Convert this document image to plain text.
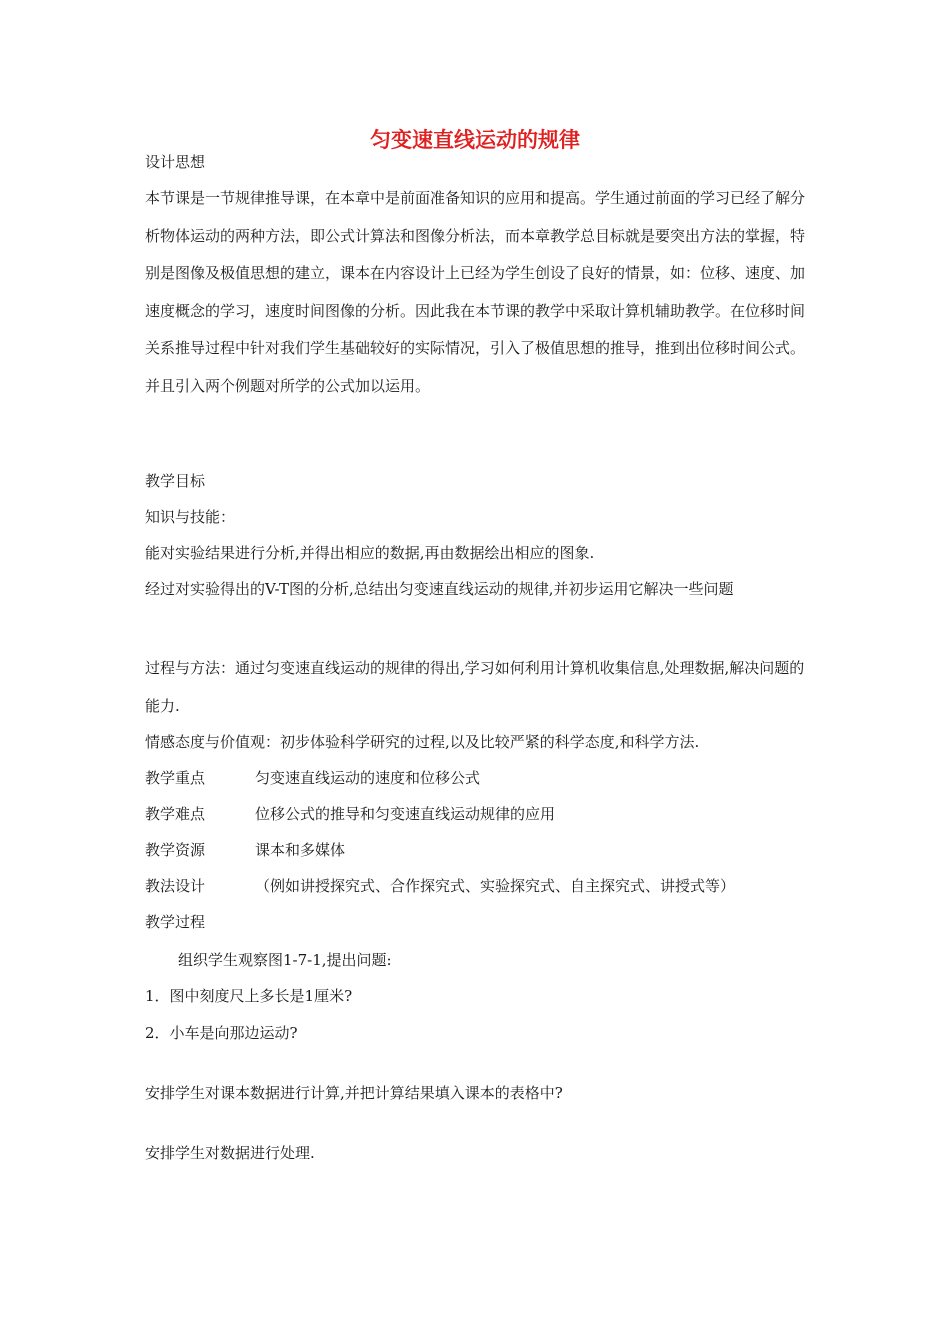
匀变速直线运动的规律
设计思想
本节课是一节规律推导课，在本章中是前面准备知识的应用和提高。学生通过前面的学习已经了解分析物体运动的两种方法，即公式计算法和图像分析法，而本章教学总目标就是要突出方法的掌握，特别是图像及极值思想的建立，课本在内容设计上已经为学生创设了良好的情景，如：位移、速度、加速度概念的学习，速度时间图像的分析。因此我在本节课的教学中采取计算机辅助教学。在位移时间关系推导过程中针对我们学生基础较好的实际情况，引入了极值思想的推导，推到出位移时间公式。并且引入两个例题对所学的公式加以运用。
教学目标
知识与技能：
能对实验结果进行分析,并得出相应的数据,再由数据绘出相应的图象.
经过对实验得出的V-T图的分析,总结出匀变速直线运动的规律,并初步运用它解决一些问题
过程与方法：通过匀变速直线运动的规律的得出,学习如何利用计算机收集信息,处理数据,解决问题的能力.
情感态度与价值观：初步体验科学研究的过程,以及比较严紧的科学态度,和科学方法.
教学重点	匀变速直线运动的速度和位移公式
教学难点	位移公式的推导和匀变速直线运动规律的应用
教学资源	课本和多媒体
教法设计	（例如讲授探究式、合作探究式、实验探究式、自主探究式、讲授式等）
教学过程
组织学生观察图1-7-1,提出问题:
1．图中刻度尺上多长是1厘米?
2．小车是向那边运动?
安排学生对课本数据进行计算,并把计算结果填入课本的表格中?
安排学生对数据进行处理.
